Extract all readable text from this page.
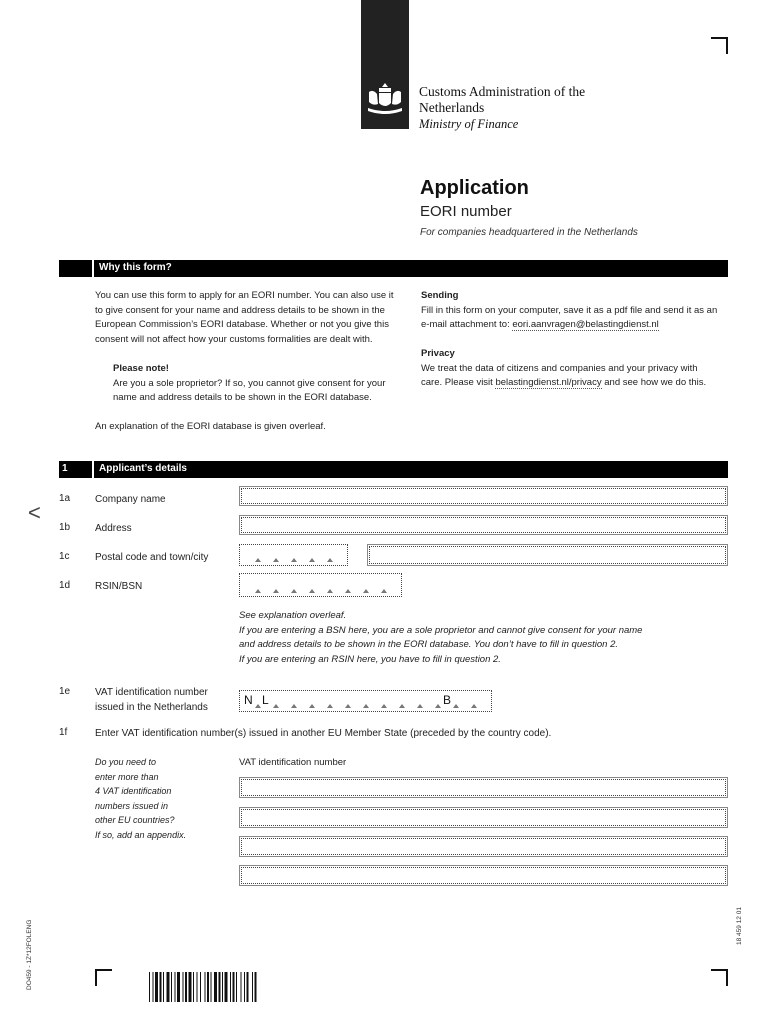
Customs Administration of the
Netherlands
Ministry of Finance
Application
EORI number
For companies headquartered in the Netherlands
Why this form?
You can use this form to apply for an EORI number. You can also use it
to give consent for your name and address details to be shown in the
European Commission’s EORI database. Whether or not you give this
consent will not affect how your customs formalities are dealt with.
Please note!
Are you a sole proprietor? If so, you cannot give consent for your
name and address details to be shown in the EORI database.
An explanation of the EORI database is given overleaf.
Sending
Fill in this form on your computer, save it as a pdf file and send it as an
e-mail attachment to: eori.aanvragen@belastingdienst.nl
Privacy
We treat the data of citizens and companies and your privacy with
care. Please visit belastingdienst.nl/privacy and see how we do this.
1	Applicant’s details
<
1a Company name
1b Address
1c	Postal code and town/city
1d RSIN/BSN
See explanation overleaf.
If you are entering a BSN here, you are a sole proprietor and cannot give consent for your name
and address details to be shown in the EORI database. You don’t have to fill in question 2.
If you are entering an RSIN here, you have to fill in question 2.
1e VAT identification number
issued in the Netherlands	N L	B
1f	Enter VAT identification number(s) issued in another EU Member State (preceded by the country code).
Do you need to
enter more than
4 VAT identification
numbers issued in
other EU countries?
If so, add an appendix.
VAT identification number
DO459 - 1Z*12FOLENG	18 459 12 01
